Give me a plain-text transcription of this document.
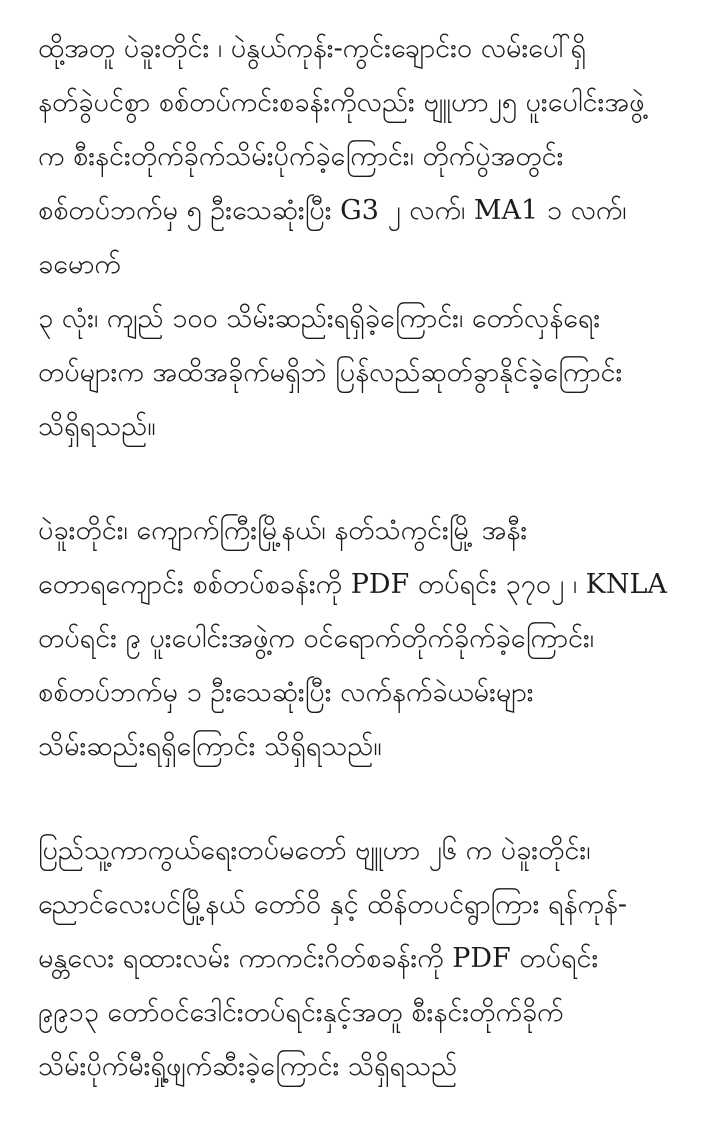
ထို့အတူ ပဲခူးတိုင်း ၊ ပဲနွယ်ကုန်း-ကွင်းချောင်း၀ လမ်းပေါ်ရှိ
နတ်ခွဲပင်စွာ စစ်တပ်ကင်းစခန်းကိုလည်း ဗျူဟာ၂၅ ပူးပေါင်းအဖွဲ့
က စီးနင်းတိုက်ခိုက်သိမ်းပိုက်ခဲ့ကြောင်း၊ တိုက်ပွဲအတွင်း
စစ်တပ်ဘက်မှ ၅ ဦးသေဆုံးပြီး G3 ၂ လက်၊ MA1 ၁ လက်၊
ခမောက်
၃ လုံး၊ ကျည် ၁၀၀ သိမ်းဆည်းရရှိခဲ့ကြောင်း၊ တော်လှန်ရေး
တပ်များက အထိအခိုက်မရှိဘဲ ပြန်လည်ဆုတ်ခွာနိုင်ခဲ့ကြောင်း
သိရှိရသည်။
ပဲခူးတိုင်း၊ ကျောက်ကြီးမြို့နယ်၊ နတ်သံကွင်းမြို့ အနီး
တောရကျောင်း စစ်တပ်စခန်းကို PDF တပ်ရင်း ၃၇၀၂ ၊ KNLA
တပ်ရင်း ၉ ပူးပေါင်းအဖွဲ့က ဝင်ရောက်တိုက်ခိုက်ခဲ့ကြောင်း၊
စစ်တပ်ဘက်မှ ၁ ဦးသေဆုံးပြီး လက်နက်ခဲယမ်းများ
သိမ်းဆည်းရရှိကြောင်း သိရှိရသည်။
ပြည်သူ့ကာကွယ်ရေးတပ်မတော် ဗျူဟာ ၂၆ က ပဲခူးတိုင်း၊
ညောင်လေးပင်မြို့နယ် တော်ဝိ နှင့် ထိန်တပင်ရွာကြား ရန်ကုန်-
မန္တလေး ရထားလမ်း ကာကင်းဂိတ်စခန်းကို PDF တပ်ရင်း
၉၉၁၃ တော်ဝင်ဒေါင်းတပ်ရင်းနှင့်အတူ စီးနင်းတိုက်ခိုက်
သိမ်းပိုက်မီးရှို့ဖျက်ဆီးခဲ့ကြောင်း သိရှိရသည်
